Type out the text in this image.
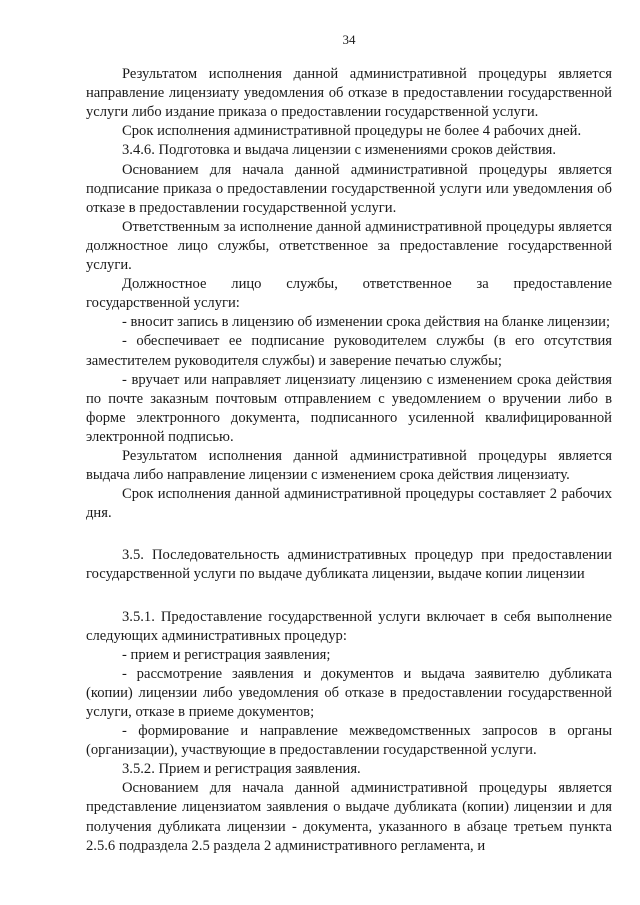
34

Результатом исполнения данной административной процедуры является направление лицензиату уведомления об отказе в предоставлении государственной услуги либо издание приказа о предоставлении государственной услуги.

Срок исполнения административной процедуры не более 4 рабочих дней.

3.4.6. Подготовка и выдача лицензии с изменениями сроков действия.

Основанием для начала данной административной процедуры является подписание приказа о предоставлении государственной услуги или уведомления об отказе в предоставлении государственной услуги.

Ответственным за исполнение данной административной процедуры является должностное лицо службы, ответственное за предоставление государственной услуги.

Должностное лицо службы, ответственное за предоставление государственной услуги:

- вносит запись в лицензию об изменении срока действия на бланке лицензии;

- обеспечивает ее подписание руководителем службы (в его отсутствия заместителем руководителя службы) и заверение печатью службы;

- вручает или направляет лицензиату лицензию с изменением срока действия по почте заказным почтовым отправлением с уведомлением о вручении либо в форме электронного документа, подписанного усиленной квалифицированной электронной подписью.

Результатом исполнения данной административной процедуры является выдача либо направление лицензии с изменением срока действия лицензиату.

Срок исполнения данной административной процедуры составляет 2 рабочих дня.

3.5. Последовательность административных процедур при предоставлении государственной услуги по выдаче дубликата лицензии, выдаче копии лицензии

3.5.1. Предоставление государственной услуги включает в себя выполнение следующих административных процедур:

- прием и регистрация заявления;

- рассмотрение заявления и документов и выдача заявителю дубликата (копии) лицензии либо уведомления об отказе в предоставлении государственной услуги, отказе в приеме документов;

- формирование и направление межведомственных запросов в органы (организации), участвующие в предоставлении государственной услуги.

3.5.2. Прием и регистрация заявления.

Основанием для начала данной административной процедуры является представление лицензиатом заявления о выдаче дубликата (копии) лицензии и для получения дубликата лицензии - документа, указанного в абзаце третьем пункта 2.5.6 подраздела 2.5 раздела 2 административного регламента, и
